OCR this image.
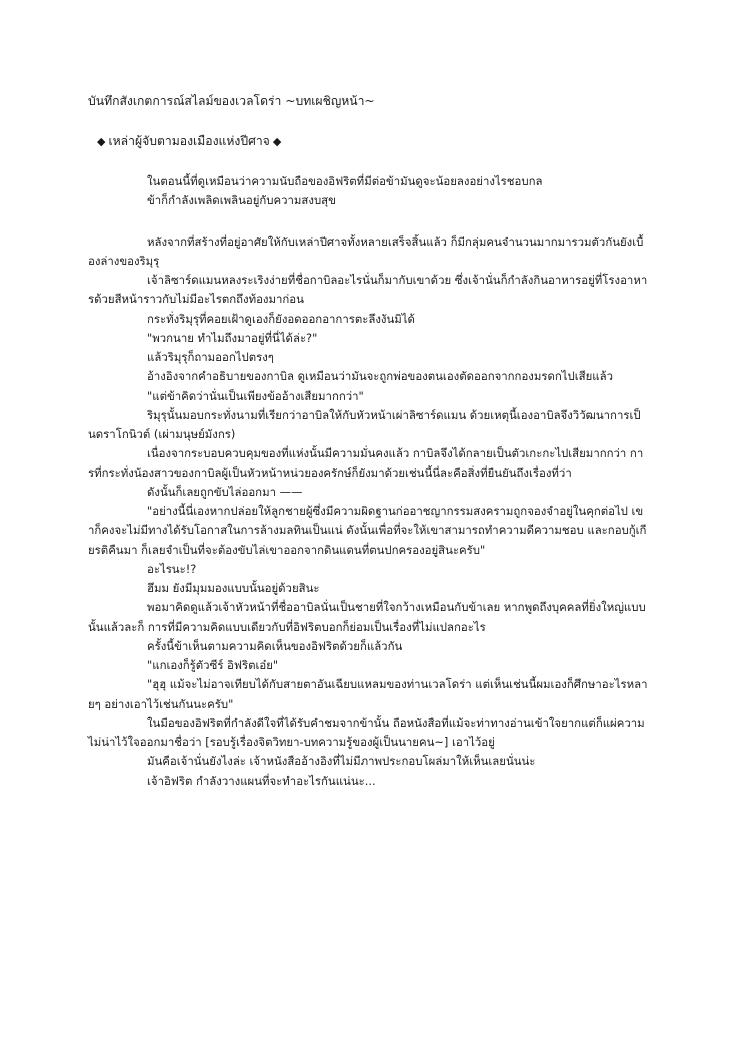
บันทึกสังเกตการณ์สไลม์ของเวลโดร่า ~บทเผชิญหน้า~
◆ เหล่าผู้จับตามองเมืองแห่งปีศาจ ◆

ในตอนนี้ที่ดูเหมือนว่าความนับถือของอิฟริตที่มีต่อข้ามันดูจะน้อยลงอย่างไรชอบกล

ข้าก็กำลังเพลิดเพลินอยู่กับความสงบสุข

หลังจากที่สร้างที่อยู่อาศัยให้กับเหล่าปีศาจทั้งหลายเสร็จสิ้นแล้ว ก็มีกลุ่มคนจำนวนมากมารวมตัวกันยังเบื้องล่างของริมุรุ

เจ้าลิซาร์ดแมนหลงระเริงง่ายที่ชื่อกาบิลอะไรนั่นก็มากับเขาด้วย ซึ่งเจ้านั่นก็กำลังกินอาหารอยู่ที่โรงอาหารด้วยสีหน้าราวกับไม่มีอะไรตกถึงท้องมาก่อน

กระทั่งริมุรุที่คอยเฝ้าดูเองก็ยังอดออกอาการตะลึงงันมิได้

"พวกนาย ทำไมถึงมาอยู่ที่นี่ได้ล่ะ?"

แล้วริมุรุก็ถามออกไปตรงๆ

อ้างอิงจากคำอธิบายของกาบิล ดูเหมือนว่ามันจะถูกพ่อของตนเองตัดออกจากกองมรดกไปเสียแล้ว

"แต่ข้าคิดว่านั่นเป็นเพียงข้ออ้างเสียมากกว่า"

ริมุรุนั้นมอบกระทั่งนามที่เรียกว่าอาบิลให้กับหัวหน้าเผ่าลิซาร์ดแมน ด้วยเหตุนี้เองอาบิลจึงวิวัฒนาการเป็นดราโกนิวต์ (เผ่ามนุษย์มังกร)

เนื่องจากระบอบควบคุมของที่แห่งนั้นมีความมั่นคงแล้ว กาบิลจึงได้กลายเป็นตัวเกะกะไปเสียมากกว่า การที่กระทั่งน้องสาวของกาบิลผู้เป็นหัวหน้าหน่วยองครักษ์ก็ยังมาด้วยเช่นนี้นี่ละคือสิ่งที่ยืนยันถึงเรื่องที่ว่า

ดังนั้นก็เลยถูกขับไล่ออกมา ——

"อย่างนี้นี่เองหากปล่อยให้ลูกชายผู้ซึ่งมีความผิดฐานก่ออาชญากรรมสงครามถูกจองจำอยู่ในคุกต่อไป เขาก็คงจะไม่มีทางได้รับโอกาสในการล้างมลทินเป็นแน่ ดังนั้นเพื่อที่จะให้เขาสามารถทำความดีความชอบ และกอบกู้เกียรติคืนมา ก็เลยจำเป็นที่จะต้องขับไล่เขาออกจากดินแดนที่ตนปกครองอยู่สินะครับ"

อะไรนะ!?

ฮึมม ยังมีมุมมองแบบนั้นอยู่ด้วยสินะ

พอมาคิดดูแล้วเจ้าหัวหน้าที่ชื่ออาบิลนั่นเป็นชายที่ใจกว้างเหมือนกับข้าเลย หากพูดถึงบุคคลที่ยิ่งใหญ่แบบนั้นแล้วละก็ การที่มีความคิดแบบเดียวกับที่อิฟริตบอกก็ย่อมเป็นเรื่องที่ไม่แปลกอะไร

ครั้งนี้ข้าเห็นตามความคิดเห็นของอิฟริตด้วยก็แล้วกัน

"แกเองก็รู้ตัวซีร์ อิฟริตเอ๋ย"

"ฮุฮุ แม้จะไม่อาจเทียบได้กับสายตาอันเฉียบแหลมของท่านเวลโดร่า แต่เห็นเช่นนี้ผมเองก็ศึกษาอะไรหลายๆ อย่างเอาไว้เช่นกันนะครับ"

ในมือของอิฟริตที่กำลังดีใจที่ได้รับคำชมจากข้านั้น ถือหนังสือที่แม้จะท่าทางอ่านเข้าใจยากแต่ก็แผ่ความไม่น่าไว้ใจออกมาชื่อว่า [รอบรู้เรื่องจิตวิทยา-บทความรู้ของผู้เป็นนายคน~] เอาไว้อยู่

มันคือเจ้านั่นยังไงล่ะ เจ้าหนังสืออ้างอิงที่ไม่มีภาพประกอบโผล่มาให้เห็นเลยนั่นน่ะ

เจ้าอิฟริต กำลังวางแผนที่จะทำอะไรกันแน่นะ...
